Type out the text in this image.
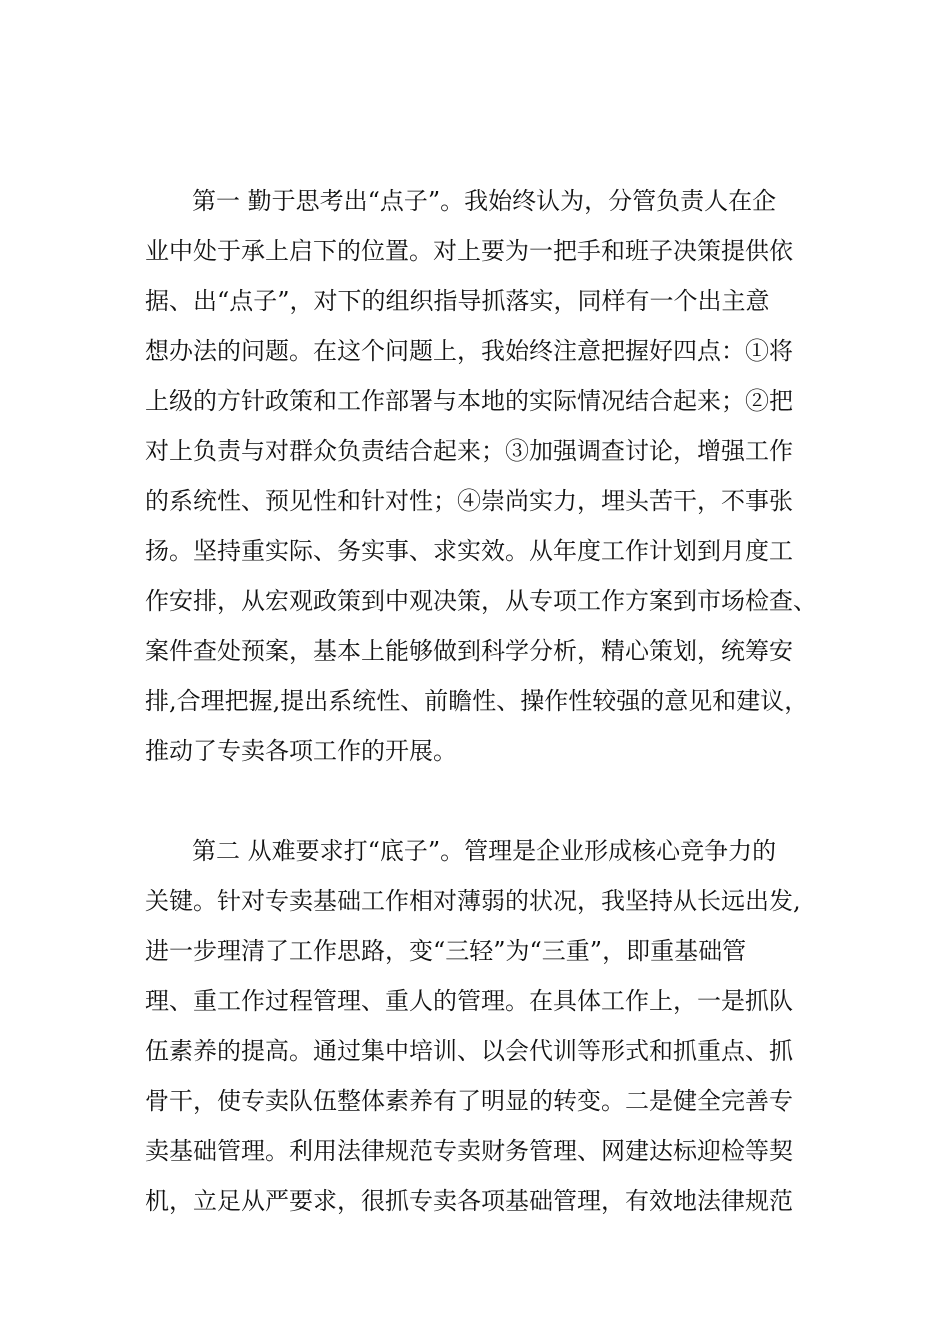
第一 勤于思考出“点子”。我始终认为，分管负责人在企
业中处于承上启下的位置。对上要为一把手和班子决策提供依
据、出“点子”，对下的组织指导抓落实，同样有一个出主意
想办法的问题。在这个问题上，我始终注意把握好四点：①将
上级的方针政策和工作部署与本地的实际情况结合起来；②把
对上负责与对群众负责结合起来；③加强调查讨论，增强工作
的系统性、预见性和针对性；④崇尚实力，埋头苦干，不事张
扬。坚持重实际、务实事、求实效。从年度工作计划到月度工
作安排，从宏观政策到中观决策，从专项工作方案到市场检查、
案件查处预案，基本上能够做到科学分析，精心策划，统筹安
排,合理把握,提出系统性、前瞻性、操作性较强的意见和建议，
推动了专卖各项工作的开展。
第二 从难要求打“底子”。管理是企业形成核心竞争力的
关键。针对专卖基础工作相对薄弱的状况，我坚持从长远出发,
进一步理清了工作思路，变“三轻”为“三重”，即重基础管
理、重工作过程管理、重人的管理。在具体工作上，一是抓队
伍素养的提高。通过集中培训、以会代训等形式和抓重点、抓
骨干，使专卖队伍整体素养有了明显的转变。二是健全完善专
卖基础管理。利用法律规范专卖财务管理、网建达标迎检等契
机，立足从严要求，很抓专卖各项基础管理，有效地法律规范
